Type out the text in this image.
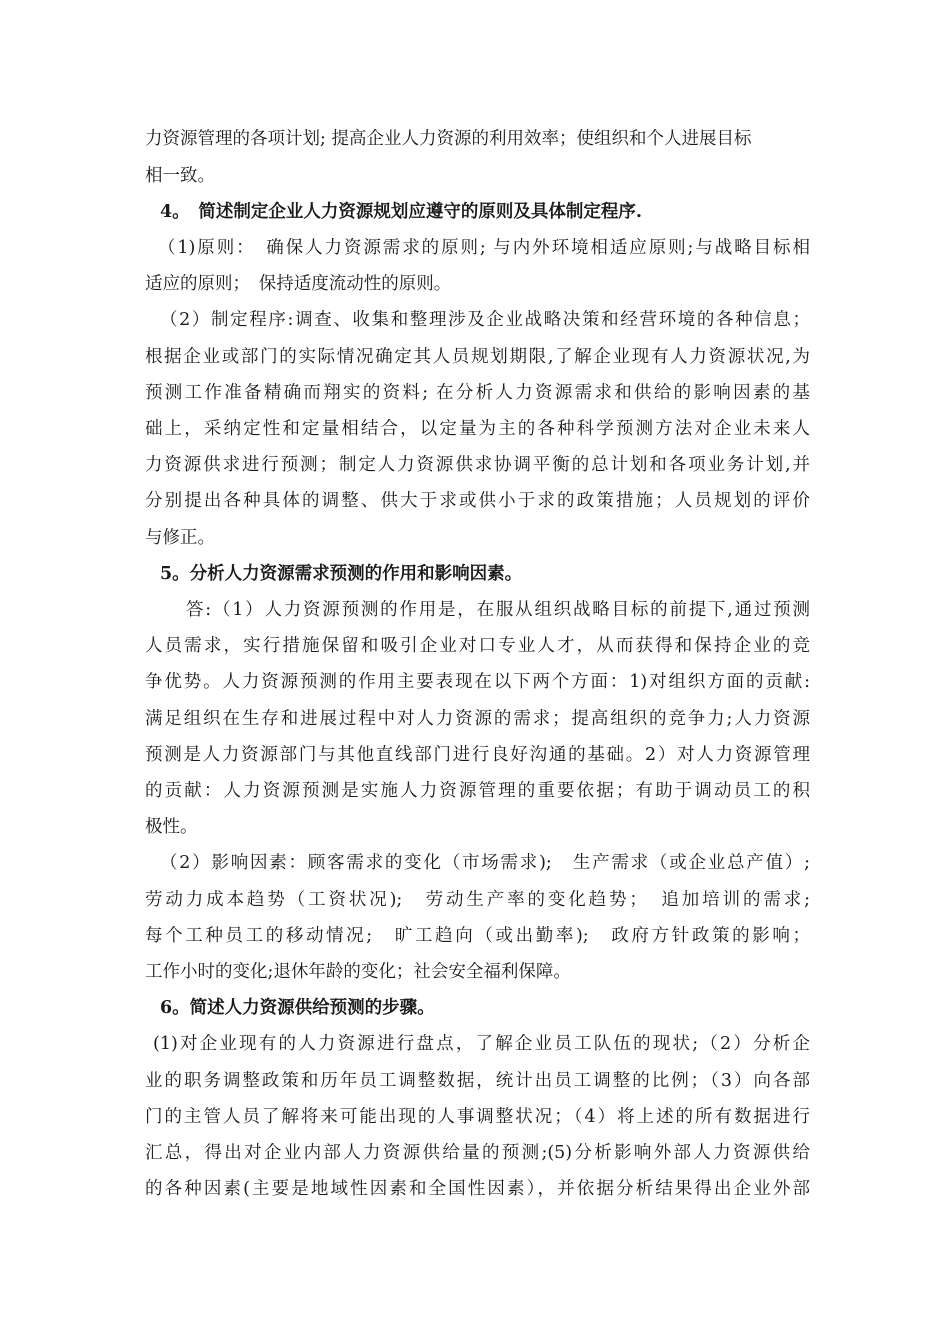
力资源管理的各项计划; 提高企业人力资源的利用效率；使组织和个人进展目标
相一致。
4。　简述制定企业人力资源规划应遵守的原则及具体制定程序.
（1)原则：　确保人力资源需求的原则; 与内外环境相适应原则;与战略目标相
适应的原则；　保持适度流动性的原则。
（2）制定程序:调查、收集和整理涉及企业战略决策和经营环境的各种信息；
根据企业或部门的实际情况确定其人员规划期限,了解企业现有人力资源状况,为
预测工作准备精确而翔实的资料; 在分析人力资源需求和供给的影响因素的基
础上，采纳定性和定量相结合，以定量为主的各种科学预测方法对企业未来人
力资源供求进行预测；制定人力资源供求协调平衡的总计划和各项业务计划,并
分别提出各种具体的调整、供大于求或供小于求的政策措施；人员规划的评价
与修正。
5。分析人力资源需求预测的作用和影响因素。
答:（1）人力资源预测的作用是，在服从组织战略目标的前提下,通过预测
人员需求，实行措施保留和吸引企业对口专业人才，从而获得和保持企业的竞
争优势。人力资源预测的作用主要表现在以下两个方面：1)对组织方面的贡献:
满足组织在生存和进展过程中对人力资源的需求；提高组织的竞争力;人力资源
预测是人力资源部门与其他直线部门进行良好沟通的基础。2）对人力资源管理
的贡献：人力资源预测是实施人力资源管理的重要依据；有助于调动员工的积
极性。
（2）影响因素：顾客需求的变化（市场需求);　生产需求（或企业总产值）;
劳动力成本趋势（工资状况);　劳动生产率的变化趋势；　追加培训的需求;
每个工种员工的移动情况;　旷工趋向（或出勤率);　政府方针政策的影响；
工作小时的变化;退休年龄的变化；社会安全福利保障。
6。简述人力资源供给预测的步骤。
(1)对企业现有的人力资源进行盘点，了解企业员工队伍的现状;（2）分析企
业的职务调整政策和历年员工调整数据，统计出员工调整的比例；（3）向各部
门的主管人员了解将来可能出现的人事调整状况；（4）将上述的所有数据进行
汇总，得出对企业内部人力资源供给量的预测;(5)分析影响外部人力资源供给
的各种因素(主要是地域性因素和全国性因素），并依据分析结果得出企业外部
